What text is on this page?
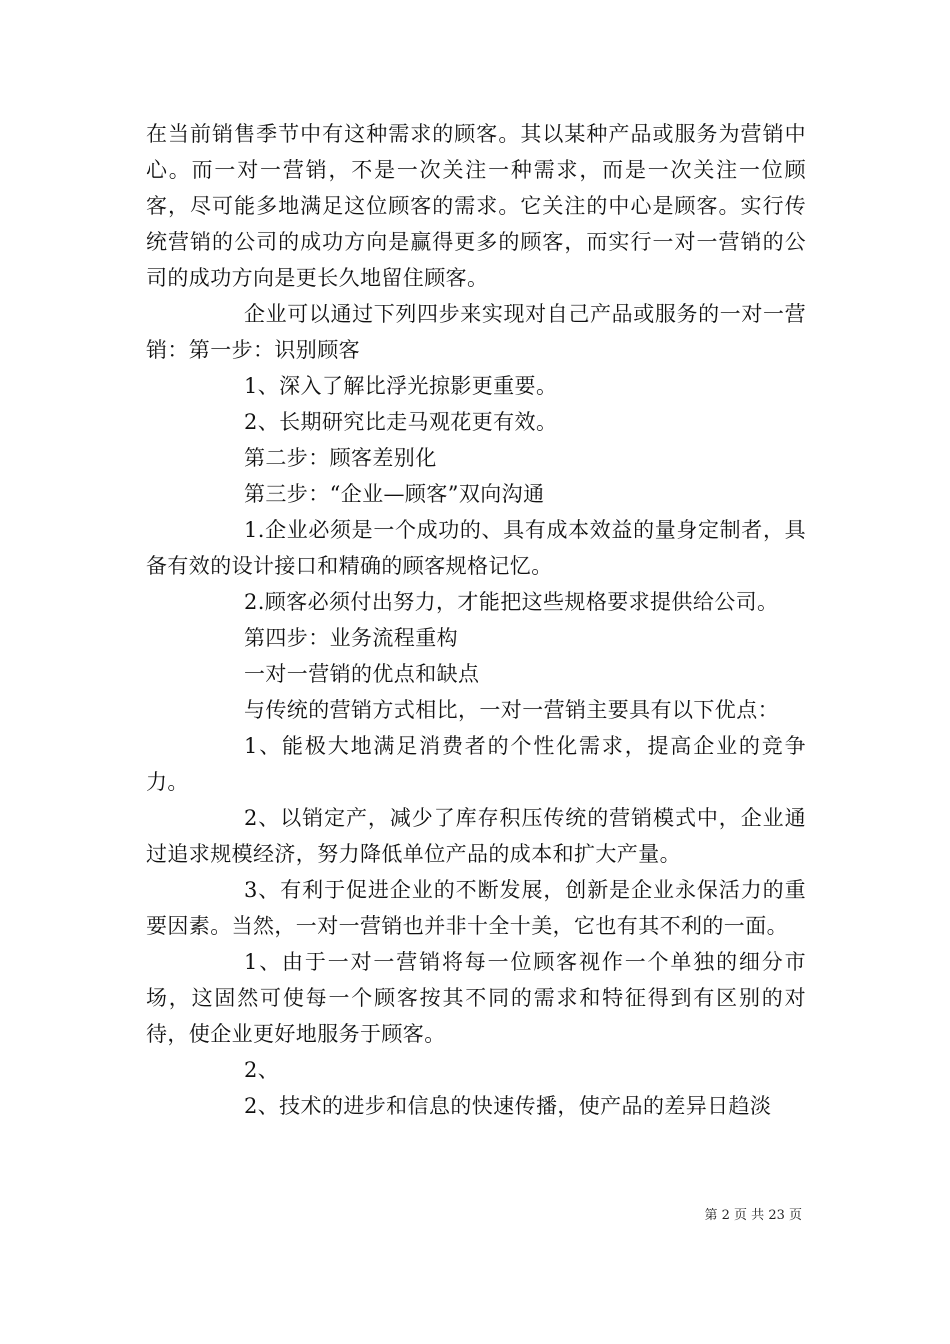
在当前销售季节中有这种需求的顾客。其以某种产品或服务为营销中心。而一对一营销，不是一次关注一种需求，而是一次关注一位顾客，尽可能多地满足这位顾客的需求。它关注的中心是顾客。实行传统营销的公司的成功方向是赢得更多的顾客，而实行一对一营销的公司的成功方向是更长久地留住顾客。

企业可以通过下列四步来实现对自己产品或服务的一对一营销：第一步：识别顾客

1、深入了解比浮光掠影更重要。

2、长期研究比走马观花更有效。

第二步：顾客差别化

第三步：“企业—顾客”双向沟通

1.企业必须是一个成功的、具有成本效益的量身定制者，具备有效的设计接口和精确的顾客规格记忆。

2.顾客必须付出努力，才能把这些规格要求提供给公司。

第四步：业务流程重构

一对一营销的优点和缺点

与传统的营销方式相比，一对一营销主要具有以下优点：

1、能极大地满足消费者的个性化需求，提高企业的竞争力。

2、以销定产，减少了库存积压传统的营销模式中，企业通过追求规模经济，努力降低单位产品的成本和扩大产量。

3、有利于促进企业的不断发展，创新是企业永保活力的重要因素。当然，一对一营销也并非十全十美，它也有其不利的一面。

1、由于一对一营销将每一位顾客视作一个单独的细分市场，这固然可使每一个顾客按其不同的需求和特征得到有区别的对待，使企业更好地服务于顾客。

2、

2、技术的进步和信息的快速传播，使产品的差异日趋淡

第 2 页 共 23 页
